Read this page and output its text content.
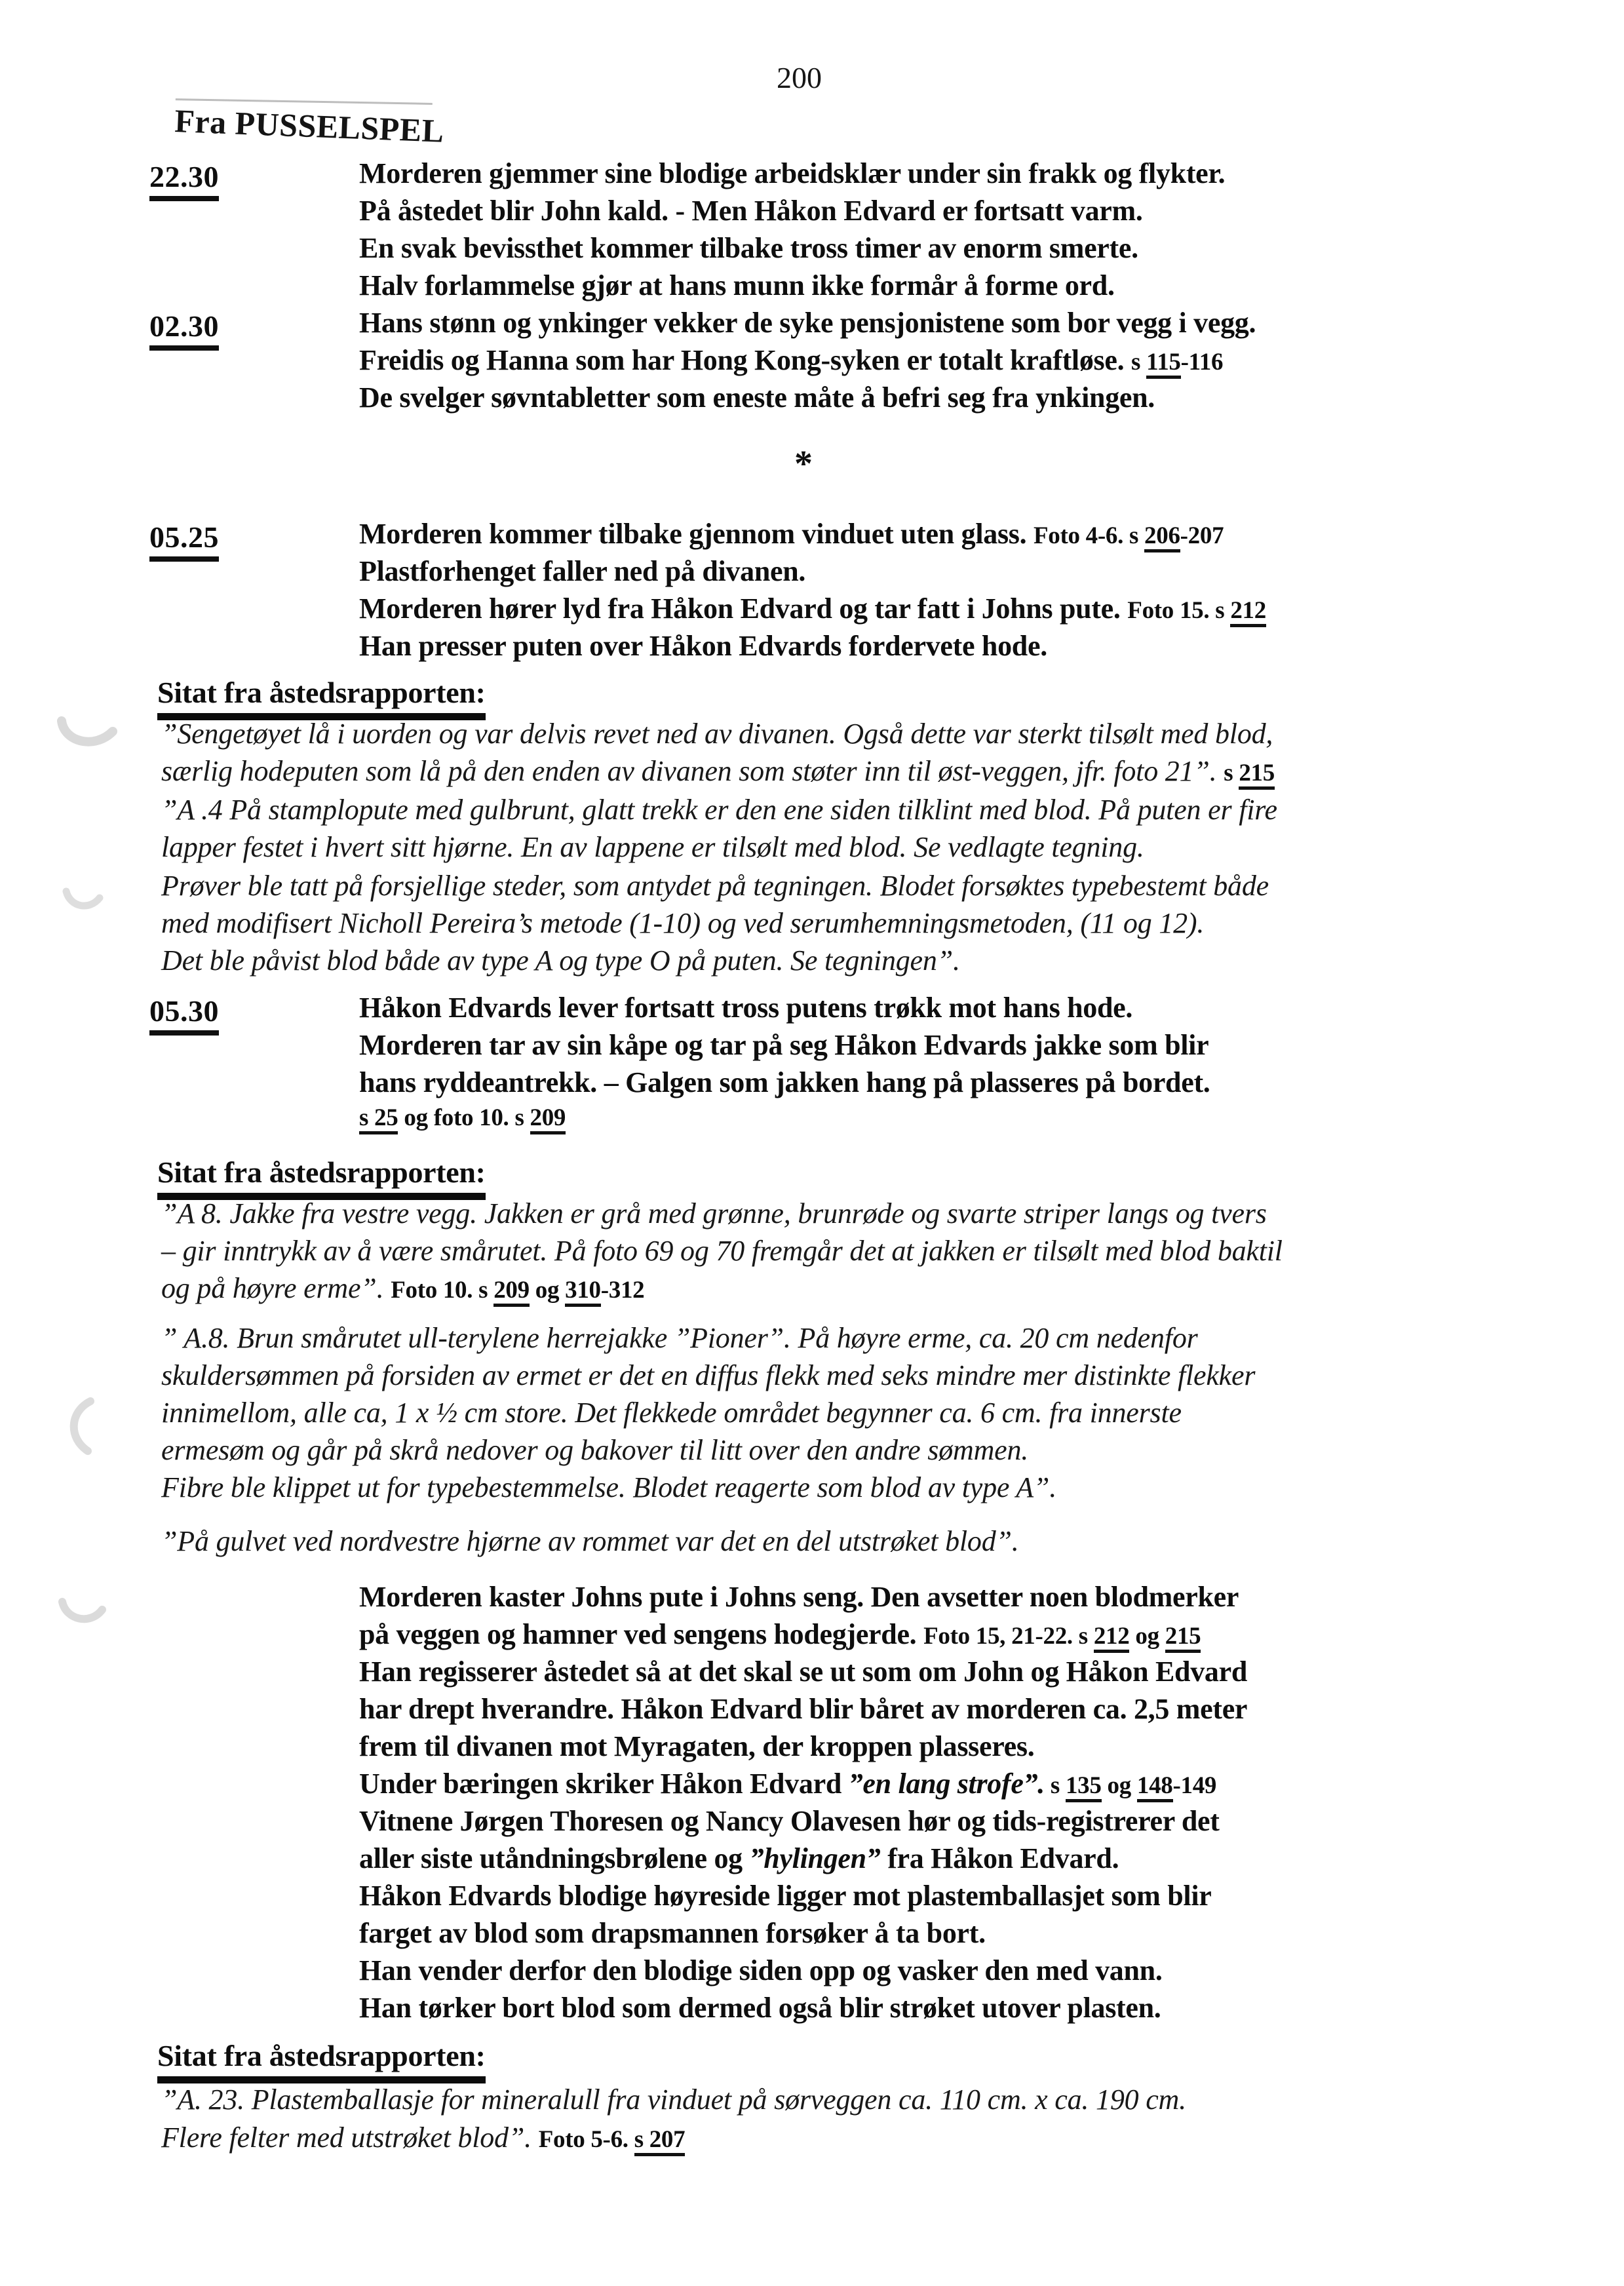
Fra PUSSELSPEL
200
22.30	Morderen gjemmer sine blodige arbeidsklær under sin frakk og flykter.
På åstedet blir John kald. - Men Håkon Edvard er fortsatt varm.
En svak bevissthet kommer tilbake tross timer av enorm smerte.
Halv forlammelse gjør at hans munn ikke formår å forme ord.
02.30	Hans stønn og ynkinger vekker de syke pensjonistene som bor vegg i vegg.
Freidis og Hanna som har Hong Kong-syken er totalt kraftløse. s 115-116
De svelger søvntabletter som eneste måte å befri seg fra ynkingen.
*
05.25	Morderen kommer tilbake gjennom vinduet uten glass. Foto 4-6. s 206-207
Plastforhenget faller ned på divanen.
Morderen hører lyd fra Håkon Edvard og tar fatt i Johns pute. Foto 15. s 212
Han presser puten over Håkon Edvards fordervete hode.
Sitat fra åstedsrapporten:
”Sengetøyet lå i uorden og var delvis revet ned av divanen. Også dette var sterkt tilsølt med blod,
særlig hodeputen som lå på den enden av divanen som støter inn til øst-veggen, jfr. foto 21”. s 215
”A .4 På stamplopute med gulbrunt, glatt trekk er den ene siden tilklint med blod. På puten er fire
lapper festet i hvert sitt hjørne. En av lappene er tilsølt med blod. Se vedlagte tegning.
Prøver ble tatt på forsjellige steder, som antydet på tegningen. Blodet forsøktes typebestemt både
med modifisert Nicholl Pereira’s metode (1-10) og ved serumhemningsmetoden, (11 og 12).
Det ble påvist blod både av type A og type O på puten. Se tegningen”.
05.30	Håkon Edvards lever fortsatt tross putens trøkk mot hans hode.
Morderen tar av sin kåpe og tar på seg Håkon Edvards jakke som blir
hans ryddeantrekk. – Galgen som jakken hang på plasseres på bordet.
s 25 og foto 10. s 209
Sitat fra åstedsrapporten:
”A 8. Jakke fra vestre vegg. Jakken er grå med grønne, brunrøde og svarte striper langs og tvers
– gir inntrykk av å være smårutet. På foto 69 og 70 fremgår det at jakken er tilsølt med blod baktil
og på høyre erme”. Foto 10. s 209 og 310-312
” A.8. Brun smårutet ull-terylene herrejakke ”Pioner”. På høyre erme, ca. 20 cm nedenfor
skuldersømmen på forsiden av ermet er det en diffus flekk med seks mindre mer distinkte flekker
innimellom, alle ca, 1 x ½ cm store. Det flekkede området begynner ca. 6 cm. fra innerste
ermesøm og går på skrå nedover og bakover til litt over den andre sømmen.
Fibre ble klippet ut for typebestemmelse. Blodet reagerte som blod av type A”.
”På gulvet ved nordvestre hjørne av rommet var det en del utstrøket blod”.
Morderen kaster Johns pute i Johns seng. Den avsetter noen blodmerker
på veggen og hamner ved sengens hodegjerde. Foto 15, 21-22. s 212 og 215
Han regisserer åstedet så at det skal se ut som om John og Håkon Edvard
har drept hverandre. Håkon Edvard blir båret av morderen ca. 2,5 meter
frem til divanen mot Myragaten, der kroppen plasseres.
Under bæringen skriker Håkon Edvard ”en lang strofe”. s 135 og 148-149
Vitnene Jørgen Thoresen og Nancy Olavesen hør og tids-registrerer det
aller siste utåndningsbrølene og ”hylingen” fra Håkon Edvard.
Håkon Edvards blodige høyreside ligger mot plastemballasjet som blir
farget av blod som drapsmannen forsøker å ta bort.
Han vender derfor den blodige siden opp og vasker den med vann.
Han tørker bort blod som dermed også blir strøket utover plasten.
Sitat fra åstedsrapporten:
”A. 23. Plastemballasje for mineralull fra vinduet på sørveggen ca. 110 cm. x ca. 190 cm.
Flere felter med utstrøket blod”. Foto 5-6. s 207
